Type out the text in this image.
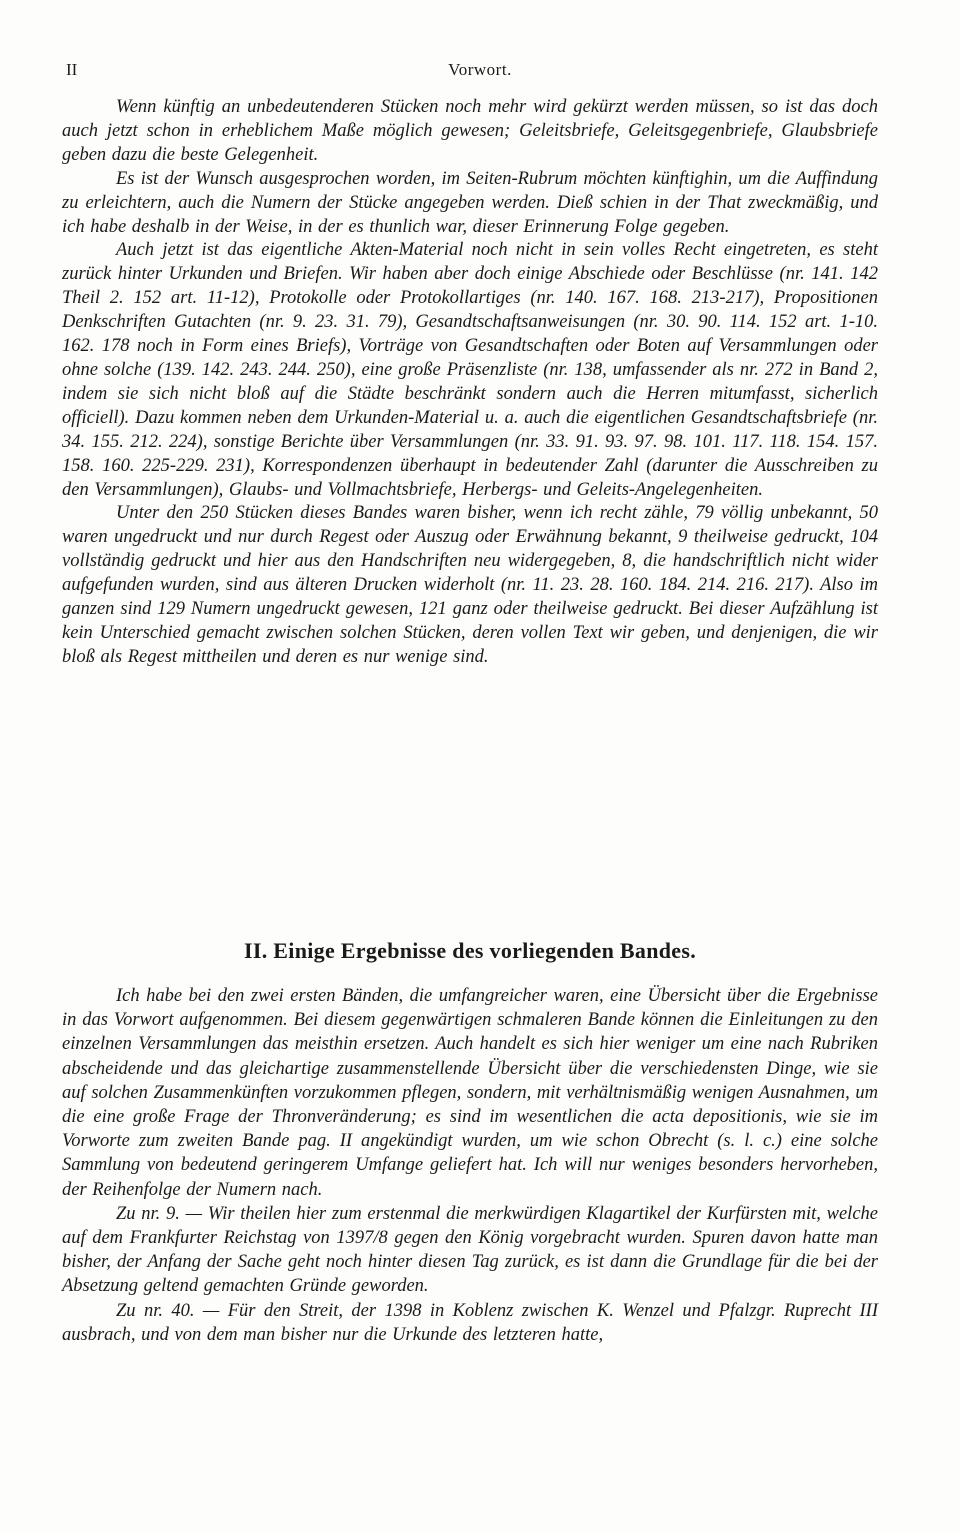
II	Vorwort.

Wenn künftig an unbedeutenderen Stücken noch mehr wird gekürzt werden müssen, so ist das doch auch jetzt schon in erheblichem Maße möglich gewesen; Geleitsbriefe, Geleitsgegenbriefe, Glaubsbriefe geben dazu die beste Gelegenheit.

Es ist der Wunsch ausgesprochen worden, im Seiten-Rubrum möchten künftighin, um die Auffindung zu erleichtern, auch die Numern der Stücke angegeben werden. Dieß schien in der That zweckmäßig, und ich habe deshalb in der Weise, in der es thunlich war, dieser Erinnerung Folge gegeben.

Auch jetzt ist das eigentliche Akten-Material noch nicht in sein volles Recht eingetreten, es steht zurück hinter Urkunden und Briefen. Wir haben aber doch einige Abschiede oder Beschlüsse (nr. 141. 142 Theil 2. 152 art. 11-12), Protokolle oder Protokollartiges (nr. 140. 167. 168. 213-217), Propositionen Denkschriften Gutachten (nr. 9. 23. 31. 79), Gesandtschaftsanweisungen (nr. 30. 90. 114. 152 art. 1-10. 162. 178 noch in Form eines Briefs), Vorträge von Gesandtschaften oder Boten auf Versammlungen oder ohne solche (139. 142. 243. 244. 250), eine große Präsenzliste (nr. 138, umfassender als nr. 272 in Band 2, indem sie sich nicht bloß auf die Städte beschränkt sondern auch die Herren mitumfasst, sicherlich officiell). Dazu kommen neben dem Urkunden-Material u. a. auch die eigentlichen Gesandtschaftsbriefe (nr. 34. 155. 212. 224), sonstige Berichte über Versammlungen (nr. 33. 91. 93. 97. 98. 101. 117. 118. 154. 157. 158. 160. 225-229. 231), Korrespondenzen überhaupt in bedeutender Zahl (darunter die Ausschreiben zu den Versammlungen), Glaubs- und Vollmachtsbriefe, Herbergs- und Geleits-Angelegenheiten.

Unter den 250 Stücken dieses Bandes waren bisher, wenn ich recht zähle, 79 völlig unbekannt, 50 waren ungedruckt und nur durch Regest oder Auszug oder Erwähnung bekannt, 9 theilweise gedruckt, 104 vollständig gedruckt und hier aus den Handschriften neu widergegeben, 8, die handschriftlich nicht wider aufgefunden wurden, sind aus älteren Drucken widerholt (nr. 11. 23. 28. 160. 184. 214. 216. 217). Also im ganzen sind 129 Numern ungedruckt gewesen, 121 ganz oder theilweise gedruckt. Bei dieser Aufzählung ist kein Unterschied gemacht zwischen solchen Stücken, deren vollen Text wir geben, und denjenigen, die wir bloß als Regest mittheilen und deren es nur wenige sind.

II. Einige Ergebnisse des vorliegenden Bandes.

Ich habe bei den zwei ersten Bänden, die umfangreicher waren, eine Übersicht über die Ergebnisse in das Vorwort aufgenommen. Bei diesem gegenwärtigen schmaleren Bande können die Einleitungen zu den einzelnen Versammlungen das meisthin ersetzen. Auch handelt es sich hier weniger um eine nach Rubriken abscheidende und das gleichartige zusammenstellende Übersicht über die verschiedensten Dinge, wie sie auf solchen Zusammenkünften vorzukommen pflegen, sondern, mit verhältnismäßig wenigen Ausnahmen, um die eine große Frage der Thronveränderung; es sind im wesentlichen die acta depositionis, wie sie im Vorworte zum zweiten Bande pag. II angekündigt wurden, um wie schon Obrecht (s. l. c.) eine solche Sammlung von bedeutend geringerem Umfange geliefert hat. Ich will nur weniges besonders hervorheben, der Reihenfolge der Numern nach.

Zu nr. 9. — Wir theilen hier zum erstenmal die merkwürdigen Klagartikel der Kurfürsten mit, welche auf dem Frankfurter Reichstag von 1397/8 gegen den König vorgebracht wurden. Spuren davon hatte man bisher, der Anfang der Sache geht noch hinter diesen Tag zurück, es ist dann die Grundlage für die bei der Absetzung geltend gemachten Gründe geworden.

Zu nr. 40. — Für den Streit, der 1398 in Koblenz zwischen K. Wenzel und Pfalzgr. Ruprecht III ausbrach, und von dem man bisher nur die Urkunde des letzteren hatte,
